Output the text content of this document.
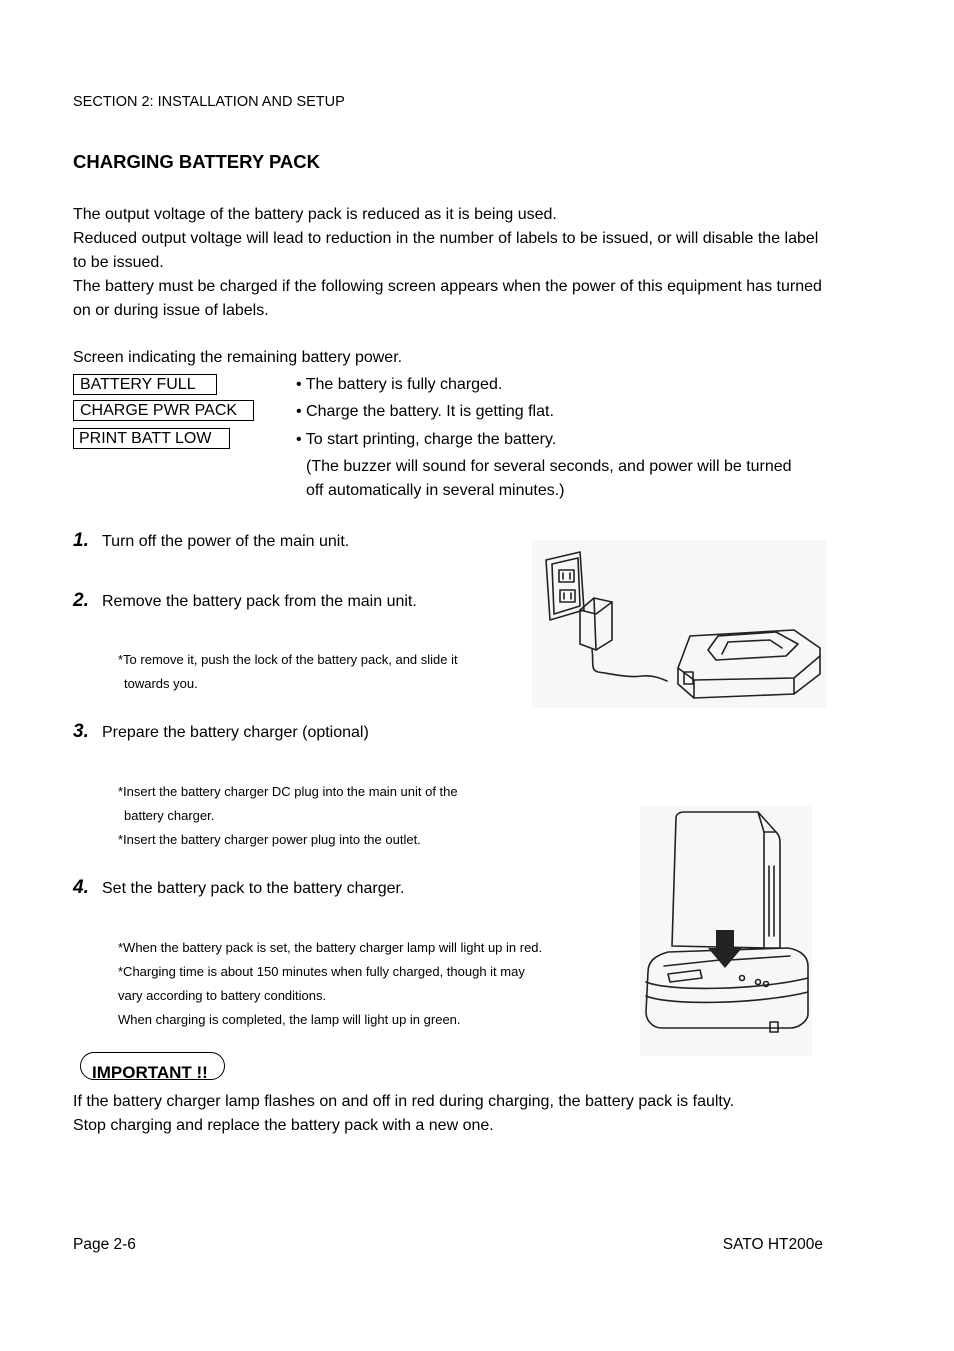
SECTION 2: INSTALLATION AND SETUP
CHARGING BATTERY PACK
The output voltage of the battery pack is reduced as it is being used.
Reduced output voltage will lead to reduction in the number of labels to be issued, or will disable the label to be issued.
The battery must be charged if the following screen appears when the power of this equipment has turned on or during issue of labels.
Screen indicating the remaining battery power.
BATTERY FULL
CHARGE PWR PACK
PRINT BATT LOW
• The battery is fully charged.
• Charge the battery. It is getting flat.
• To start printing, charge the battery.
(The buzzer will sound for several seconds, and power will be turned off automatically in several minutes.)
1. Turn off the power of the main unit.
2. Remove the battery pack from the main unit.
*To remove it, push the lock of the battery pack, and slide it
towards you.
3. Prepare the battery charger (optional)
*Insert the battery charger DC plug into the main unit of the
battery charger.
*Insert the battery charger power plug into the outlet.
4. Set the battery pack to the battery charger.
*When the battery pack is set, the battery charger lamp will light up in red.
*Charging time is about 150 minutes when fully charged, though it may
vary according to battery conditions.
When charging is completed, the lamp will light up in green.
IMPORTANT !!
If the battery charger lamp flashes on and off in red during charging, the battery pack is faulty.
Stop charging and replace the battery pack with a new one.
Page 2-6	SATO HT200e
